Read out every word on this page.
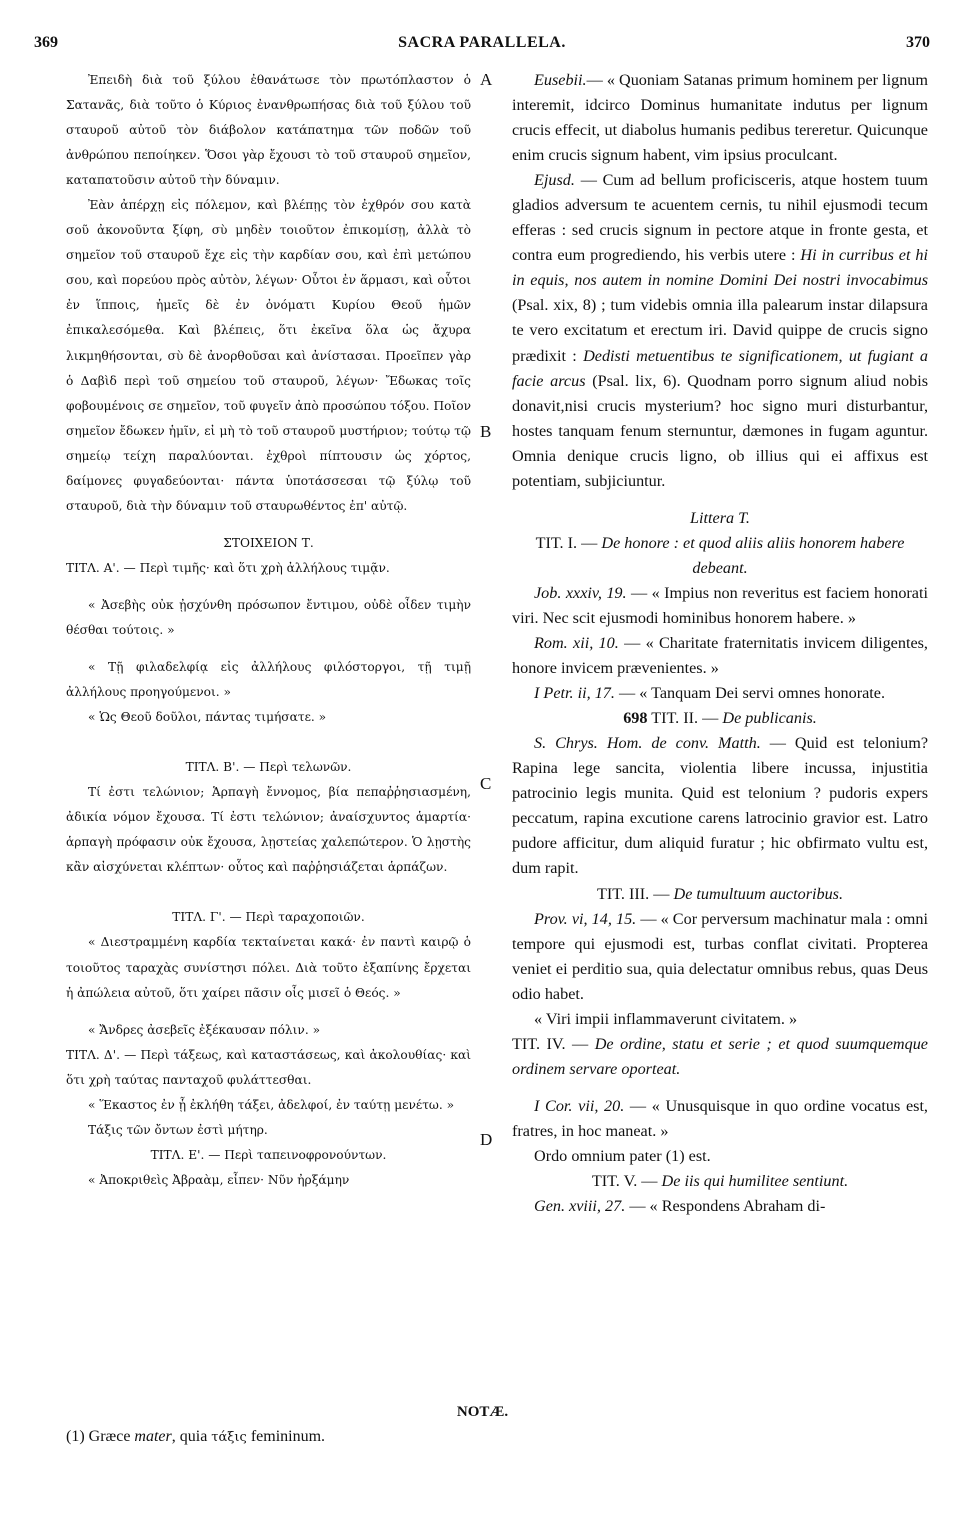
369	SACRA PARALLELA.	370
A
B
C
D

Ἐπειδὴ διὰ τοῦ ξύλου ἐθανάτωσε τὸν πρωτόπλαστον ὁ Σατανᾶς, διὰ τοῦτο ὁ Κύριος ἐνανθρωπήσας διὰ τοῦ ξύλου τοῦ σταυροῦ αὐτοῦ τὸν διάβολον κατάπατημα τῶν ποδῶν τοῦ ἀνθρώπου πεποίηκεν. Ὅσοι γὰρ ἔχουσι τὸ τοῦ σταυροῦ σημεῖον, καταπατοῦσιν αὐτοῦ τὴν δύναμιν.

Ἐὰν ἀπέρχῃ εἰς πόλεμον, καὶ βλέπῃς τὸν ἐχθρόν σου κατὰ σοῦ ἀκονοῦντα ξίφη, σὺ μηδὲν τοιοῦτον ἐπικομίσῃ, ἀλλὰ τὸ σημεῖον τοῦ σταυροῦ ἔχε εἰς τὴν καρδίαν σου, καὶ ἐπὶ μετώπου σου, καὶ πορεύου πρὸς αὐτὸν, λέγων· Οὗτοι ἐν ἅρμασι, καὶ οὗτοι ἐν ἵπποις, ἡμεῖς δὲ ἐν ὀνόματι Κυρίου Θεοῦ ἡμῶν ἐπικαλεσόμεθα. Καὶ βλέπεις, ὅτι ἐκεῖνα ὅλα ὡς ἄχυρα λικμηθήσονται, σὺ δὲ ἀνορθοῦσαι καὶ ἀνίστασαι. Προεῖπεν γὰρ ὁ Δαβὶδ περὶ τοῦ σημείου τοῦ σταυροῦ, λέγων· Ἔδωκας τοῖς φοβουμένοις σε σημεῖον, τοῦ φυγεῖν ἀπὸ προσώπου τόξου. Ποῖον σημεῖον ἔδωκεν ἡμῖν, εἰ μὴ τὸ τοῦ σταυροῦ μυστήριον; τούτῳ τῷ σημείῳ τείχη παραλύονται. ἐχθροὶ πίπτουσιν ὡς χόρτος, δαίμονες φυγαδεύονται· πάντα ὑποτάσσεσαι τῷ ξύλῳ τοῦ σταυροῦ, διὰ τὴν δύναμιν τοῦ σταυρωθέντος ἐπ' αὐτῷ.

ΣΤΟΙΧΕΙΟΝ Τ.

ΤΙΤΛ. Α'. — Περὶ τιμῆς· καὶ ὅτι χρὴ ἀλλήλους τιμᾷν.

« Ἀσεβὴς οὐκ ᾐσχύνθη πρόσωπον ἔντιμου, οὐδὲ οἶδεν τιμὴν θέσθαι τούτοις. »

« Τῇ φιλαδελφίᾳ εἰς ἀλλήλους φιλόστοργοι, τῇ τιμῇ ἀλλήλους προηγούμενοι. »

« Ὡς Θεοῦ δοῦλοι, πάντας τιμήσατε. »

ΤΙΤΛ. Β'. — Περὶ τελωνῶν.

Τί ἐστι τελώνιον; Ἁρπαγὴ ἔννομος, βία πεπαῤῥησιασμένη, ἀδικία νόμον ἔχουσα. Τί ἐστι τελώνιον; ἀναίσχυντος ἁμαρτία· ἁρπαγὴ πρόφασιν οὐκ ἔχουσα, λῃστείας χαλεπώτερον. Ὁ λῃστὴς κἂν αἰσχύνεται κλέπτων· οὗτος καὶ παῤῥησιάζεται ἁρπάζων.

ΤΙΤΛ. Γ'. — Περὶ ταραχοποιῶν.

« Διεστραμμένη καρδία τεκταίνεται κακά· ἐν παντὶ καιρῷ ὁ τοιοῦτος ταραχὰς συνίστησι πόλει. Διὰ τοῦτο ἐξαπίνης ἔρχεται ἡ ἀπώλεια αὐτοῦ, ὅτι χαίρει πᾶσιν οἷς μισεῖ ὁ Θεός. »

« Ἄνδρες ἀσεβεῖς ἐξέκαυσαν πόλιν. »

ΤΙΤΛ. Δ'. — Περὶ τάξεως, καὶ καταστάσεως, καὶ ἀκολουθίας· καὶ ὅτι χρὴ ταύτας πανταχοῦ φυλάττεσθαι.

« Ἕκαστος ἐν ᾗ ἐκλήθη τάξει, ἀδελφοί, ἐν ταύτῃ μενέτω. »

Τάξις τῶν ὄντων ἐστὶ μήτηρ.

ΤΙΤΛ. Ε'. — Περὶ ταπεινοφρονούντων.

« Ἀποκριθεὶς Ἀβραὰμ, εἶπεν· Νῦν ἠρξάμην

Eusebii.— « Quoniam Satanas primum hominem per lignum interemit, idcirco Dominus humanitate indutus per lignum crucis effecit, ut diabolus humanis pedibus tereretur. Quicunque enim crucis signum habent, vim ipsius proculcant.

Ejusd. — Cum ad bellum proficisceris, atque hostem tuum gladios adversum te acuentem cernis, tu nihil ejusmodi tecum efferas : sed crucis signum in pectore atque in fronte gesta, et contra eum progrediendo, his verbis utere : Hi in curribus et hi in equis, nos autem in nomine Domini Dei nostri invocabimus (Psal. xix, 8) ; tum videbis omnia illa palearum instar dilapsura te vero excitatum et erectum iri. David quippe de crucis signo prædixit : Dedisti metuentibus te significationem, ut fugiant a facie arcus (Psal. lix, 6). Quodnam porro signum aliud nobis donavit,nisi crucis mysterium? hoc signo muri disturbantur, hostes tanquam fenum sternuntur, dæmones in fugam aguntur. Omnia denique crucis ligno, ob illius qui ei affixus est potentiam, subjiciuntur.

Littera T.

TIT. I. — De honore : et quod aliis aliis honorem habere debeant.

Job. xxxiv, 19. — « Impius non reveritus est faciem honorati viri. Nec scit ejusmodi hominibus honorem habere. »

Rom. xii, 10. — « Charitate fraternitatis invicem diligentes, honore invicem prævenientes. »

I Petr. ii, 17. — « Tanquam Dei servi omnes honorate.

698 TIT. II. — De publicanis.

S. Chrys. Hom. de conv. Matth. — Quid est telonium? Rapina lege sancita, violentia libere incussa, injustitia patrocinio legis munita. Quid est telonium ? pudoris expers peccatum, rapina excutione carens latrocinio gravior est. Latro pudore afficitur, dum aliquid furatur ; hic obfirmato vultu est, dum rapit.

TIT. III. — De tumultuum auctoribus.

Prov. vi, 14, 15. — « Cor perversum machinatur mala : omni tempore qui ejusmodi est, turbas conflat civitati. Propterea veniet ei perditio sua, quia delectatur omnibus rebus, quas Deus odio habet.

« Viri impii inflammaverunt civitatem. »

TIT. IV. — De ordine, statu et serie ; et quod suumquemque ordinem servare oporteat.

I Cor. vii, 20. — « Unusquisque in quo ordine vocatus est, fratres, in hoc maneat. »

Ordo omnium pater (1) est.

TIT. V. — De iis qui humilitee sentiunt.

Gen. xviii, 27. — « Respondens Abraham di-

NOTÆ.
(1) Græce mater, quia τάξις femininum.
